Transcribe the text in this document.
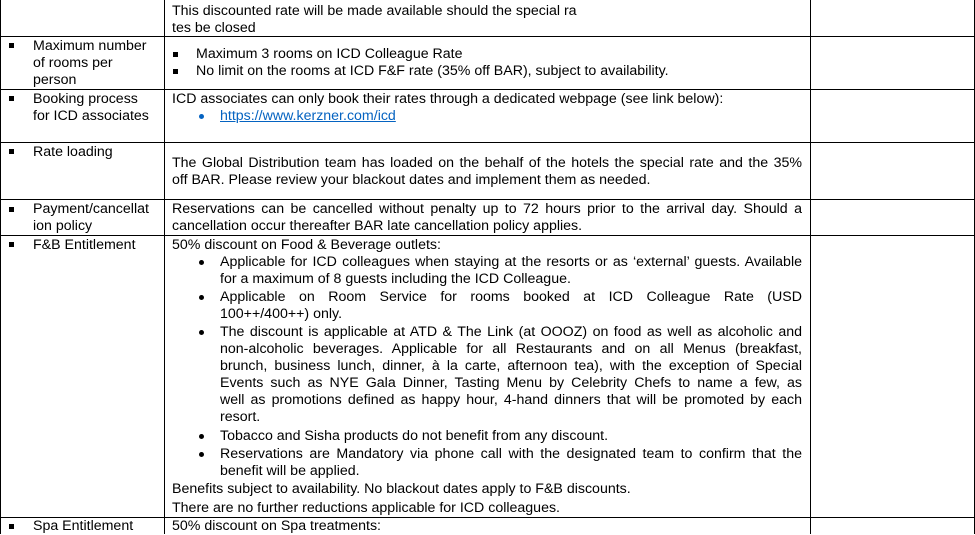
This discounted rate will be made available should the special ra
tes be closed
Maximum number
of rooms per
person
Maximum 3 rooms on ICD Colleague Rate
No limit on the rooms at ICD F&F rate (35% off BAR), subject to availability.
Booking process
for ICD associates
ICD associates can only book their rates through a dedicated webpage (see link below):
https://www.kerzner.com/icd
Rate loading
The Global Distribution team has loaded on the behalf of the hotels the special rate and the 35%
off BAR. Please review your blackout dates and implement them as needed.
Payment/cancellat
ion policy
Reservations can be cancelled without penalty up to 72 hours prior to the arrival day. Should a
cancellation occur thereafter BAR late cancellation policy applies.
F&B Entitlement	50% discount on Food & Beverage outlets:
Applicable for ICD colleagues when staying at the resorts or as ‘external’ guests. Available
for a maximum of 8 guests including the ICD Colleague.
Applicable on Room Service for rooms booked at ICD Colleague Rate (USD
100++/400++) only.
The discount is applicable at ATD & The Link (at OOOZ) on food as well as alcoholic and
non-alcoholic beverages. Applicable for all Restaurants and on all Menus (breakfast,
brunch, business lunch, dinner, à la carte, afternoon tea), with the exception of Special
Events such as NYE Gala Dinner, Tasting Menu by Celebrity Chefs to name a few, as
well as promotions defined as happy hour, 4-hand dinners that will be promoted by each
resort.
Tobacco and Sisha products do not benefit from any discount.
Reservations are Mandatory via phone call with the designated team to confirm that the
benefit will be applied.
Benefits subject to availability. No blackout dates apply to F&B discounts.
There are no further reductions applicable for ICD colleagues.
Spa Entitlement	50% discount on Spa treatments:
